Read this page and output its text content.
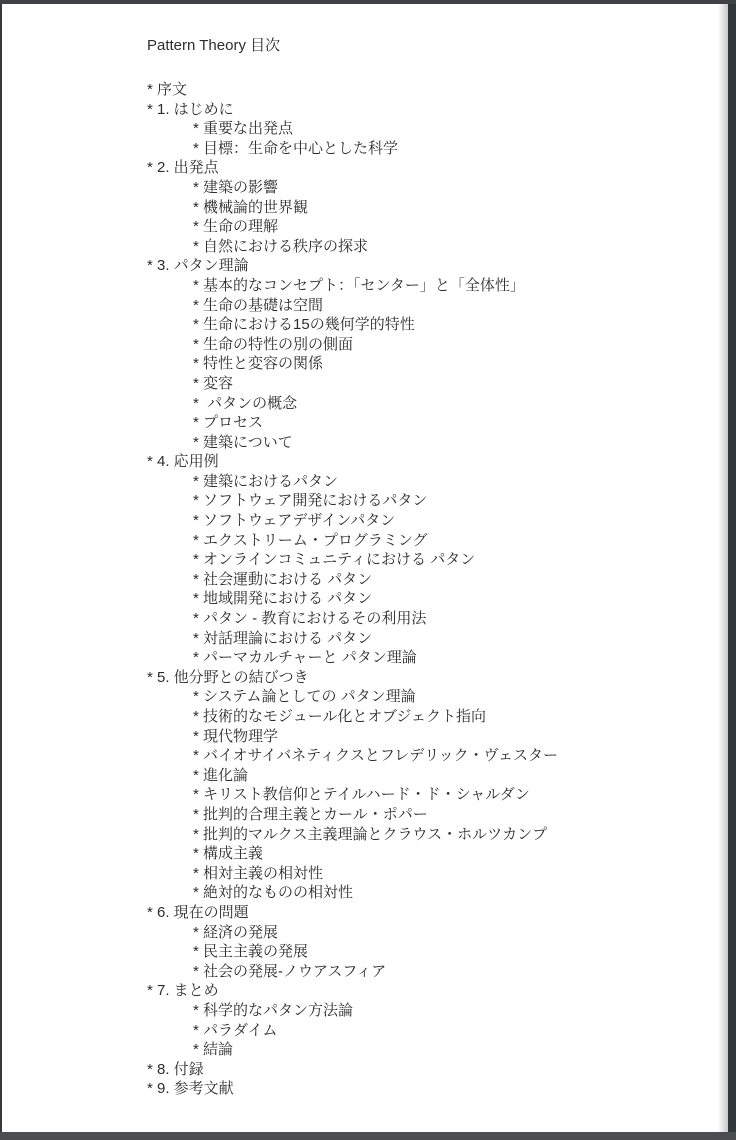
Pattern Theory 目次
* 序文
* 1. はじめに
* 重要な出発点
* 目標：生命を中心とした科学
* 2. 出発点
* 建築の影響
* 機械論的世界観
* 生命の理解
* 自然における秩序の探求
* 3. パタン理論
* 基本的なコンセプト：「センター」と「全体性」
* 生命の基礎は空間
* 生命における15の幾何学的特性
* 生命の特性の別の側面
* 特性と変容の関係
* 変容
*  パタンの概念
* プロセス
* 建築について
* 4. 応用例
* 建築におけるパタン
* ソフトウェア開発におけるパタン
* ソフトウェアデザインパタン
* エクストリーム・プログラミング
* オンラインコミュニティにおける パタン
* 社会運動における パタン
* 地域開発における パタン
* パタン - 教育におけるその利用法
* 対話理論における パタン
* パーマカルチャーと パタン理論
* 5. 他分野との結びつき
* システム論としての パタン理論
* 技術的なモジュール化とオブジェクト指向
* 現代物理学
* バイオサイバネティクスとフレデリック・ヴェスター
* 進化論
* キリスト教信仰とテイルハード・ド・シャルダン
* 批判的合理主義とカール・ポパー
* 批判的マルクス主義理論とクラウス・ホルツカンプ
* 構成主義
* 相対主義の相対性
* 絶対的なものの相対性
* 6. 現在の問題
* 経済の発展
* 民主主義の発展
* 社会の発展-ノウアスフィア
* 7. まとめ
* 科学的なパタン方法論
* パラダイム
* 結論
* 8. 付録
* 9. 参考文献
